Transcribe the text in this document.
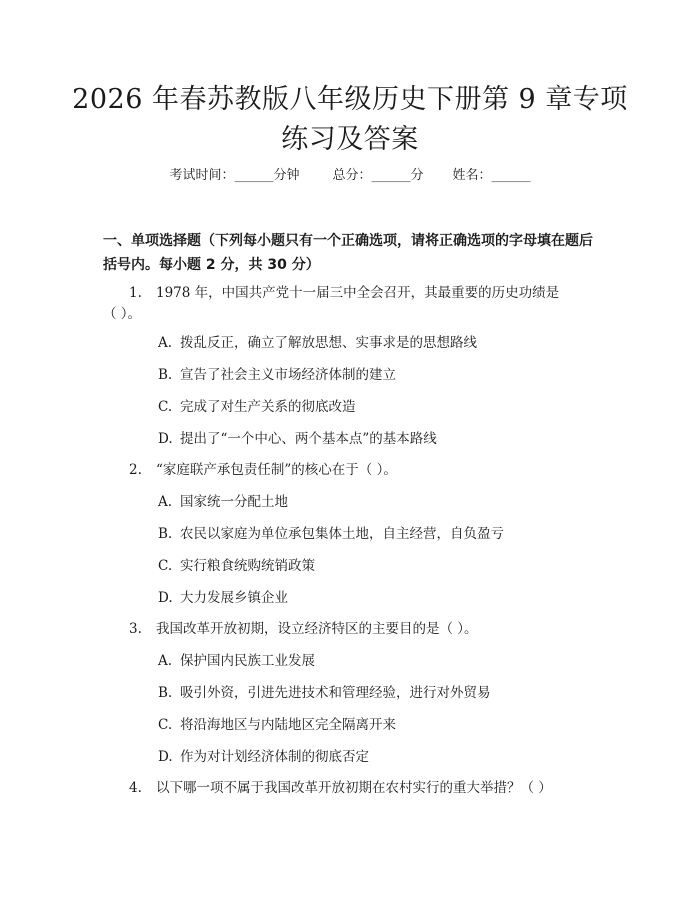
2026 年春苏教版八年级历史下册第 9 章专项
练习及答案
考试时间：______分钟	总分：______分 姓名：______
一、单项选择题（下列每小题只有一个正确选项，请将正确选项的字母填在题后
括号内。每小题 2 分，共 30 分）
1. 1978 年，中国共产党十一届三中全会召开，其最重要的历史功绩是
（ ）。
A. 拨乱反正，确立了解放思想、实事求是的思想路线
B. 宣告了社会主义市场经济体制的建立
C. 完成了对生产关系的彻底改造
D. 提出了“一个中心、两个基本点”的基本路线
2. “家庭联产承包责任制”的核心在于（ ）。
A. 国家统一分配土地
B. 农民以家庭为单位承包集体土地，自主经营，自负盈亏
C. 实行粮食统购统销政策
D. 大力发展乡镇企业
3. 我国改革开放初期，设立经济特区的主要目的是（ ）。
A. 保护国内民族工业发展
B. 吸引外资，引进先进技术和管理经验，进行对外贸易
C. 将沿海地区与内陆地区完全隔离开来
D. 作为对计划经济体制的彻底否定
4. 以下哪一项不属于我国改革开放初期在农村实行的重大举措？（ ）
